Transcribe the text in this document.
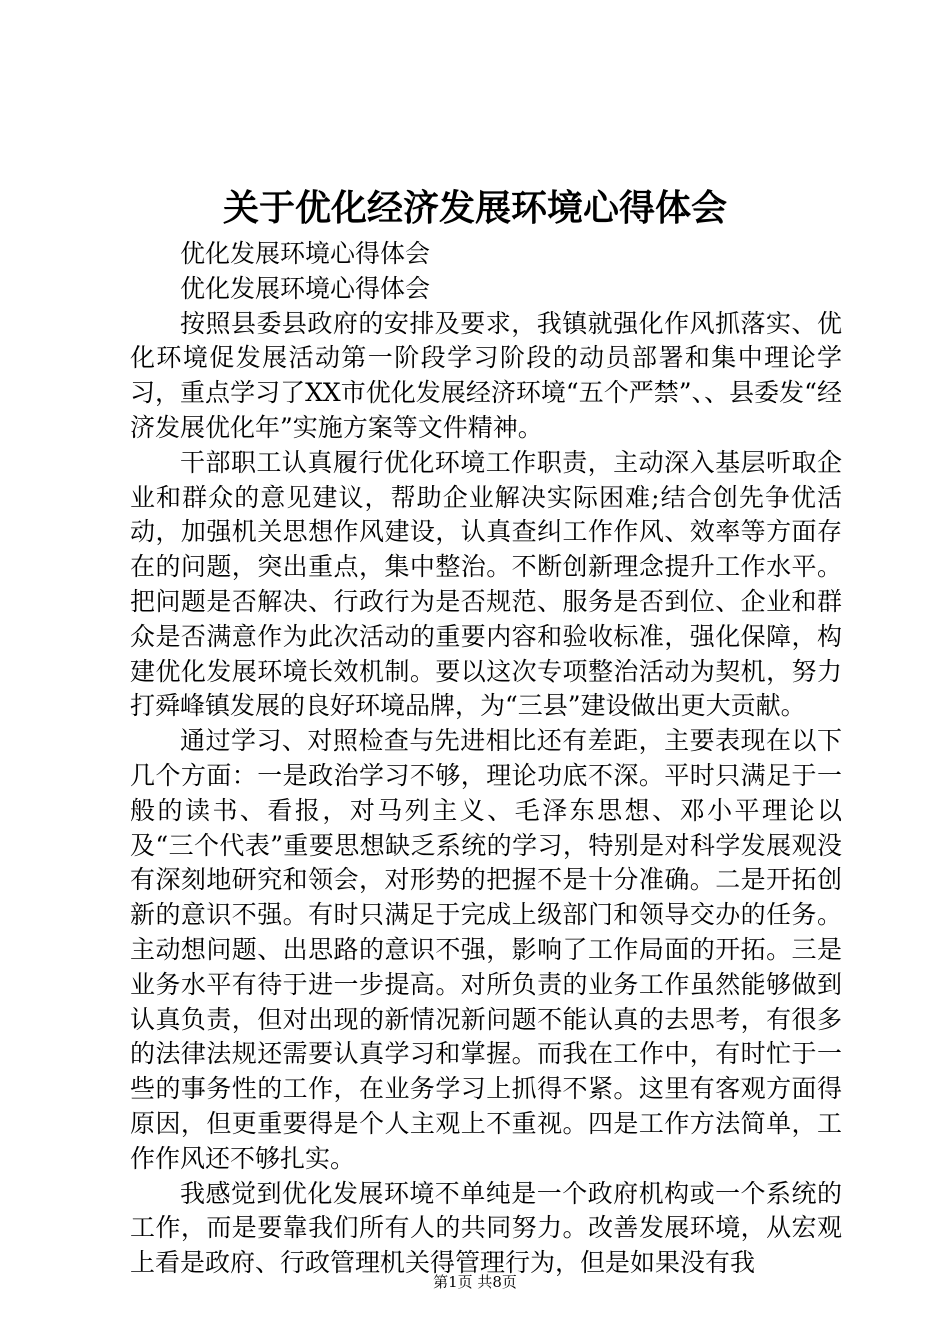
关于优化经济发展环境心得体会

优化发展环境心得体会

优化发展环境心得体会

按照县委县政府的安排及要求，我镇就强化作风抓落实、优化环境促发展活动第一阶段学习阶段的动员部署和集中理论学习，重点学习了XX市优化发展经济环境“五个严禁”、、县委发“经济发展优化年”实施方案等文件精神。

干部职工认真履行优化环境工作职责，主动深入基层听取企业和群众的意见建议，帮助企业解决实际困难;结合创先争优活动，加强机关思想作风建设，认真查纠工作作风、效率等方面存在的问题，突出重点，集中整治。不断创新理念提升工作水平。把问题是否解决、行政行为是否规范、服务是否到位、企业和群众是否满意作为此次活动的重要内容和验收标准，强化保障，构建优化发展环境长效机制。要以这次专项整治活动为契机，努力打舜峰镇发展的良好环境品牌，为“三县”建设做出更大贡献。

通过学习、对照检查与先进相比还有差距，主要表现在以下几个方面：一是政治学习不够，理论功底不深。平时只满足于一般的读书、看报，对马列主义、毛泽东思想、邓小平理论以及“三个代表”重要思想缺乏系统的学习，特别是对科学发展观没有深刻地研究和领会，对形势的把握不是十分准确。二是开拓创新的意识不强。有时只满足于完成上级部门和领导交办的任务。主动想问题、出思路的意识不强，影响了工作局面的开拓。三是业务水平有待于进一步提高。对所负责的业务工作虽然能够做到认真负责，但对出现的新情况新问题不能认真的去思考，有很多的法律法规还需要认真学习和掌握。而我在工作中，有时忙于一些的事务性的工作，在业务学习上抓得不紧。这里有客观方面得原因，但更重要得是个人主观上不重视。四是工作方法简单，工作作风还不够扎实。

我感觉到优化发展环境不单纯是一个政府机构或一个系统的工作，而是要靠我们所有人的共同努力。改善发展环境，从宏观上看是政府、行政管理机关得管理行为，但是如果没有我

第1页 共8页
